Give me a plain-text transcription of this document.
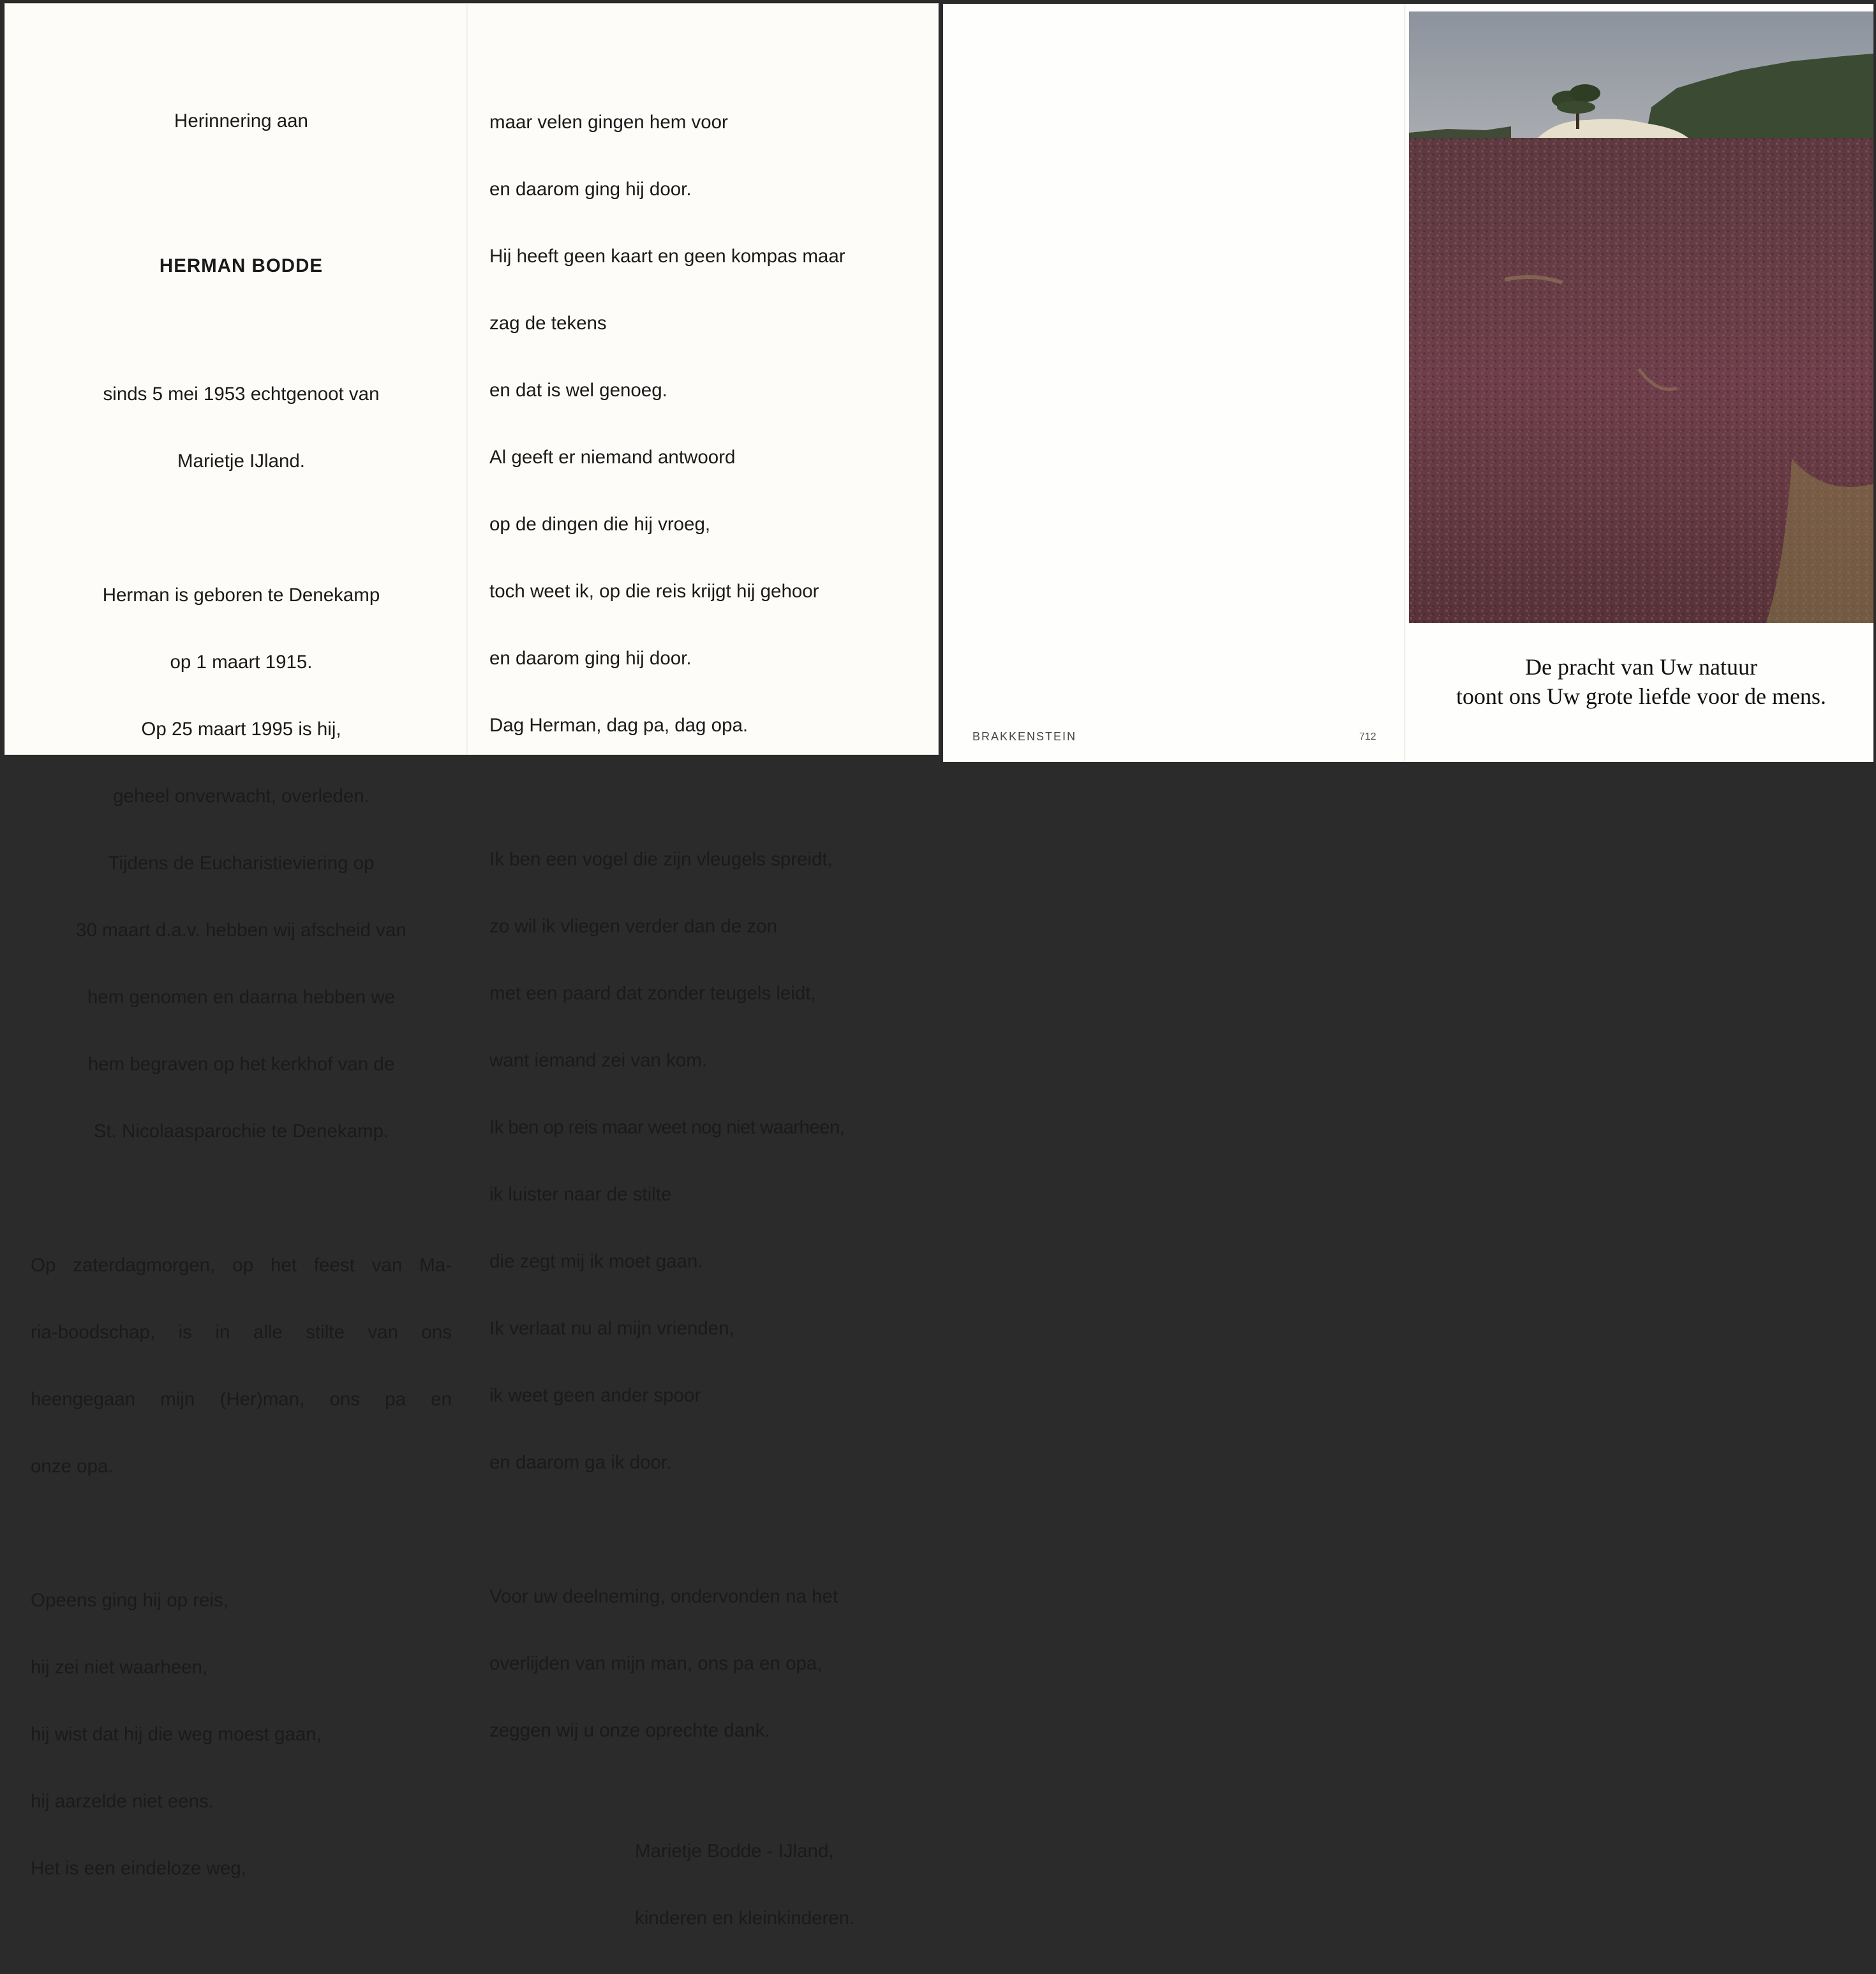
Herinnering aan

HERMAN BODDE

sinds 5 mei 1953 echtgenoot van

Marietje IJland.

Herman is geboren te Denekamp

op 1 maart 1915.

Op 25 maart 1995 is hij,

geheel onverwacht, overleden.

Tijdens de Eucharistieviering op

30 maart d.a.v. hebben wij afscheid van

hem genomen en daarna hebben we

hem begraven op het kerkhof van de

St. Nicolaasparochie te Denekamp.

Op zaterdagmorgen, op het feest van Ma-

ria-boodschap, is in alle stilte van ons

heengegaan mijn (Her)man, ons pa en

onze opa.

Opeens ging hij op reis,

hij zei niet waarheen,

hij wist dat hij die weg moest gaan,

hij aarzelde niet eens.

Het is een eindeloze weg,

maar velen gingen hem voor

en daarom ging hij door.

Hij heeft geen kaart en geen kompas maar

zag de tekens

en dat is wel genoeg.

Al geeft er niemand antwoord

op de dingen die hij vroeg,

toch weet ik, op die reis krijgt hij gehoor

en daarom ging hij door.

Dag Herman, dag pa, dag opa.

Ik ben een vogel die zijn vleugels spreidt,

zo wil ik vliegen verder dan de zon

met een paard dat zonder teugels leidt,

want iemand zei van kom.

Ik ben op reis maar weet nog niet waarheen,

ik luister naar de stilte

die zegt mij ik moet gaan.

Ik verlaat nu al mijn vrienden,

ik weet geen ander spoor

en daarom ga ik door.

Voor uw deelneming, ondervonden na het

overlijden van mijn man, ons pa en opa,

zeggen wij u onze oprechte dank.

Marietje Bodde - IJland,

kinderen en kleinkinderen.

BRAKKENSTEIN	712
De pracht van Uw natuur
toont ons Uw grote liefde voor de mens.
